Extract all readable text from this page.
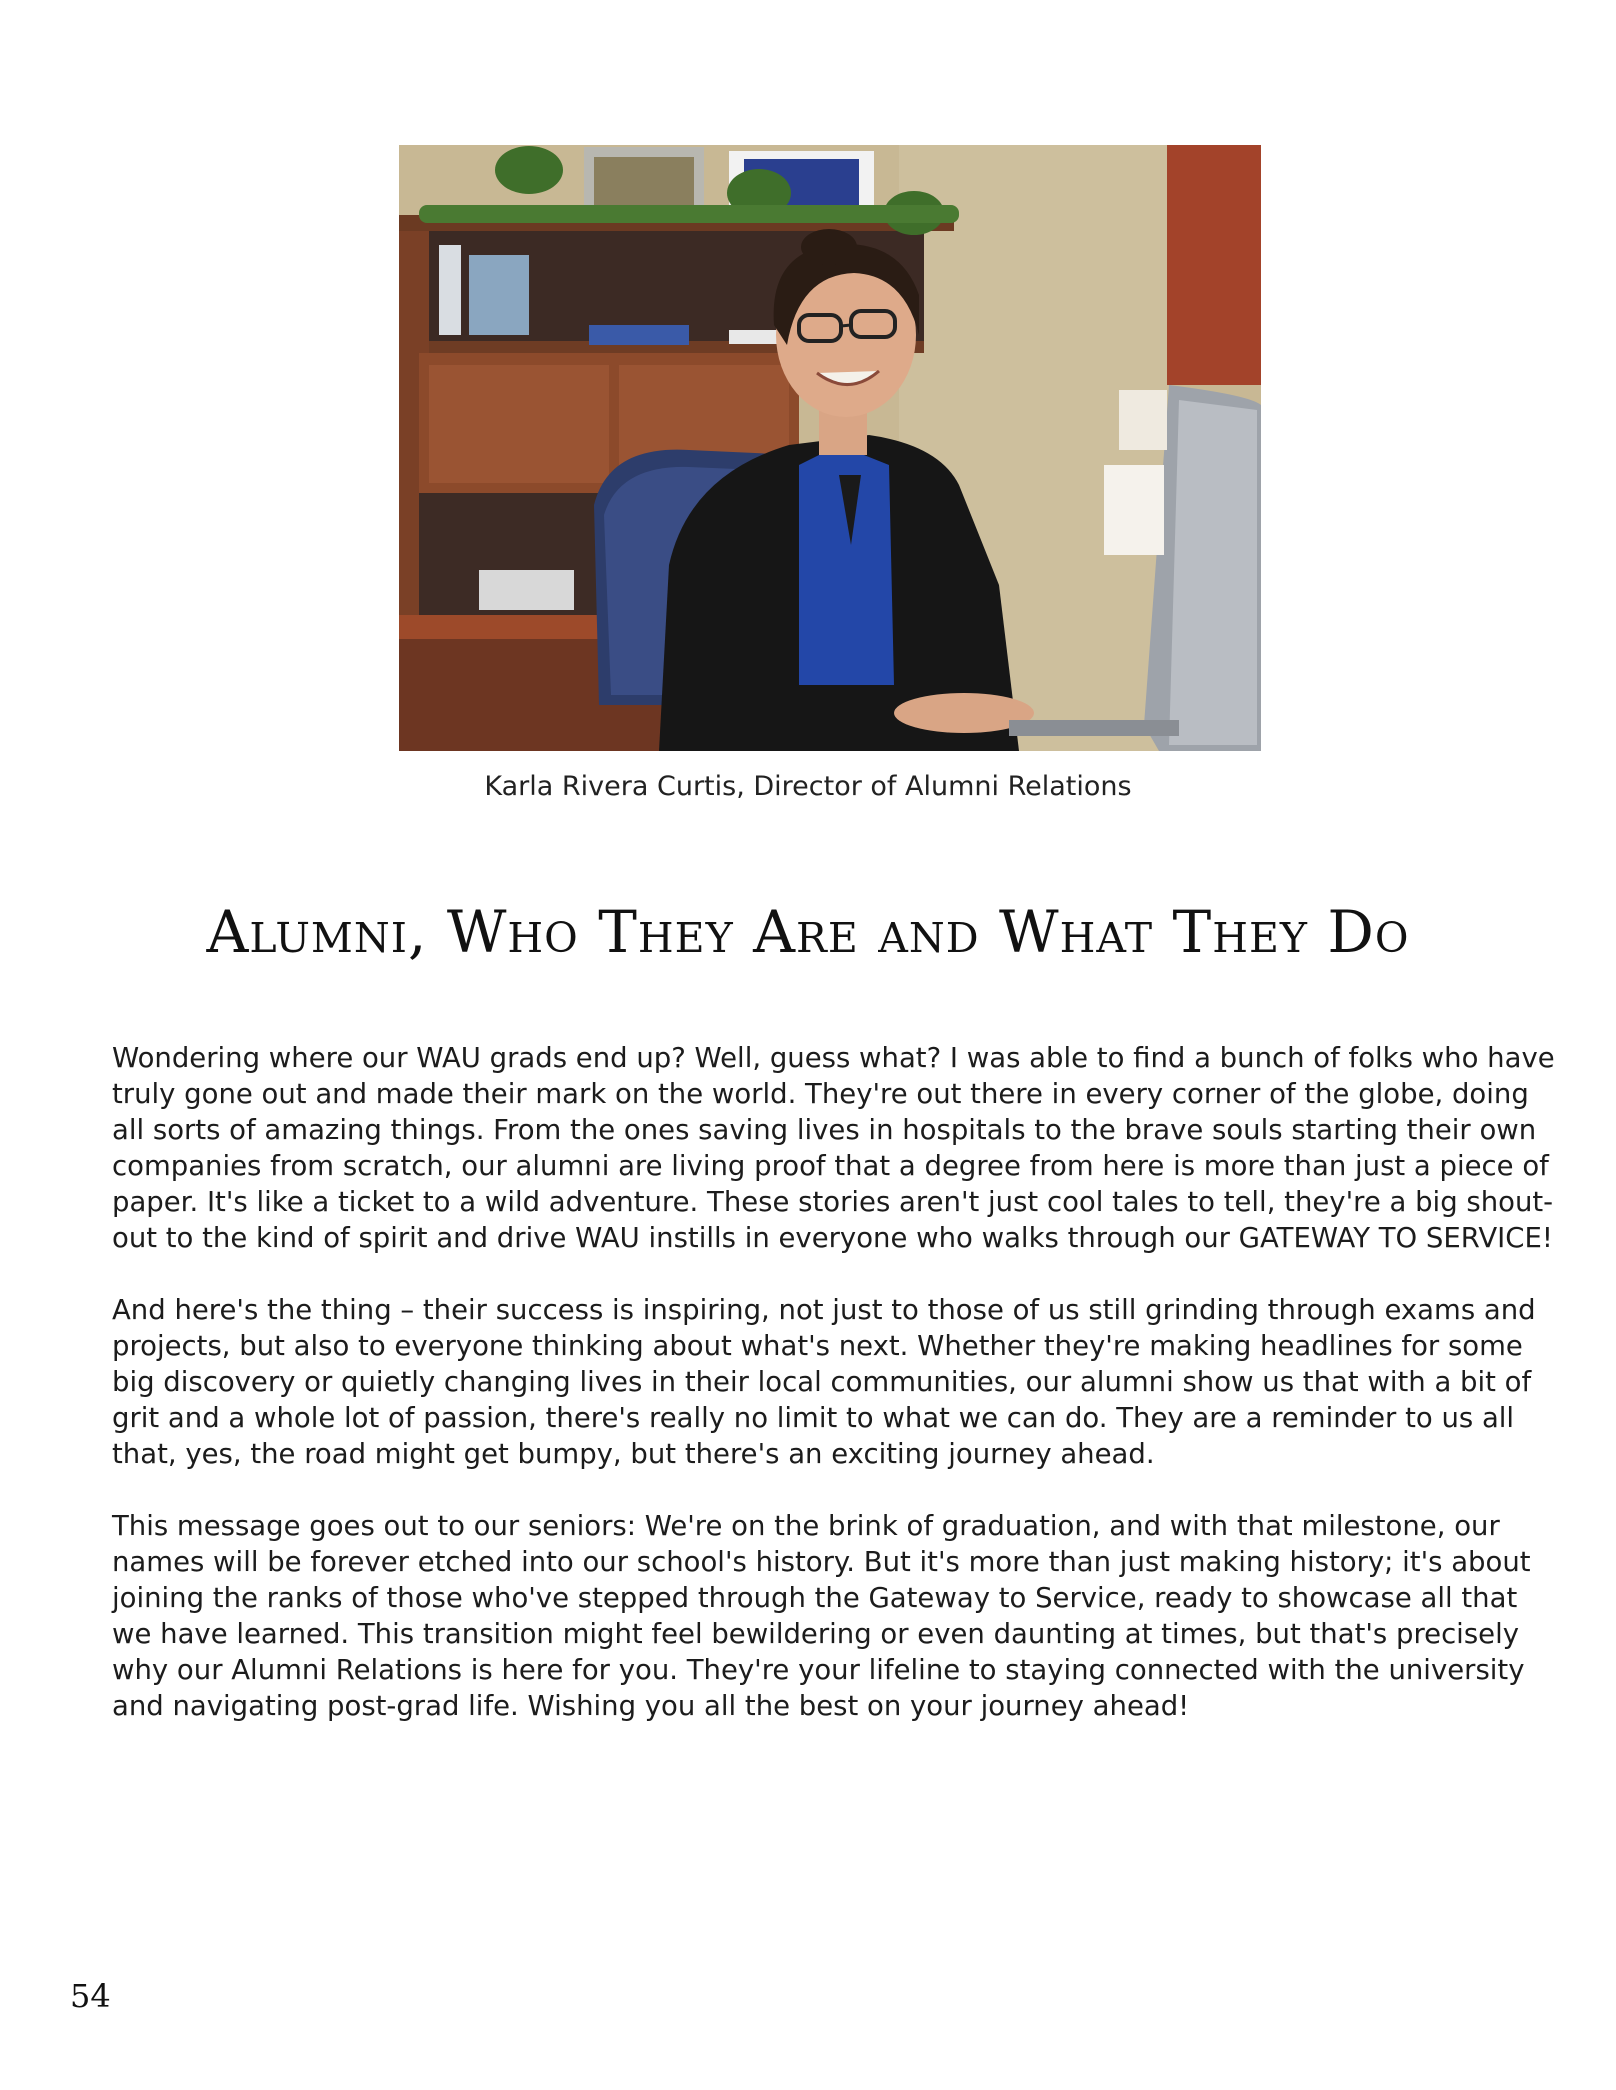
Karla Rivera Curtis, Director of Alumni Relations
Alumni, Who They Are and What They Do

Wondering where our WAU grads end up? Well, guess what? I was able to find a bunch of folks who have truly gone out and made their mark on the world. They're out there in every corner of the globe, doing all sorts of amazing things. From the ones saving lives in hospitals to the brave souls starting their own companies from scratch, our alumni are living proof that a degree from here is more than just a piece of paper. It's like a ticket to a wild adventure. These stories aren't just cool tales to tell, they're a big shout-out to the kind of spirit and drive WAU instills in everyone who walks through our GATEWAY TO SERVICE!

And here's the thing – their success is inspiring, not just to those of us still grinding through exams and projects, but also to everyone thinking about what's next. Whether they're making headlines for some big discovery or quietly changing lives in their local communities, our alumni show us that with a bit of grit and a whole lot of passion, there's really no limit to what we can do. They are a reminder to us all that, yes, the road might get bumpy, but there's an exciting journey ahead.

This message goes out to our seniors: We're on the brink of graduation, and with that milestone, our names will be forever etched into our school's history. But it's more than just making history; it's about joining the ranks of those who've stepped through the Gateway to Service, ready to showcase all that we have learned. This transition might feel bewildering or even daunting at times, but that's precisely why our Alumni Relations is here for you. They're your lifeline to staying connected with the university and navigating post-grad life. Wishing you all the best on your journey ahead!

54
